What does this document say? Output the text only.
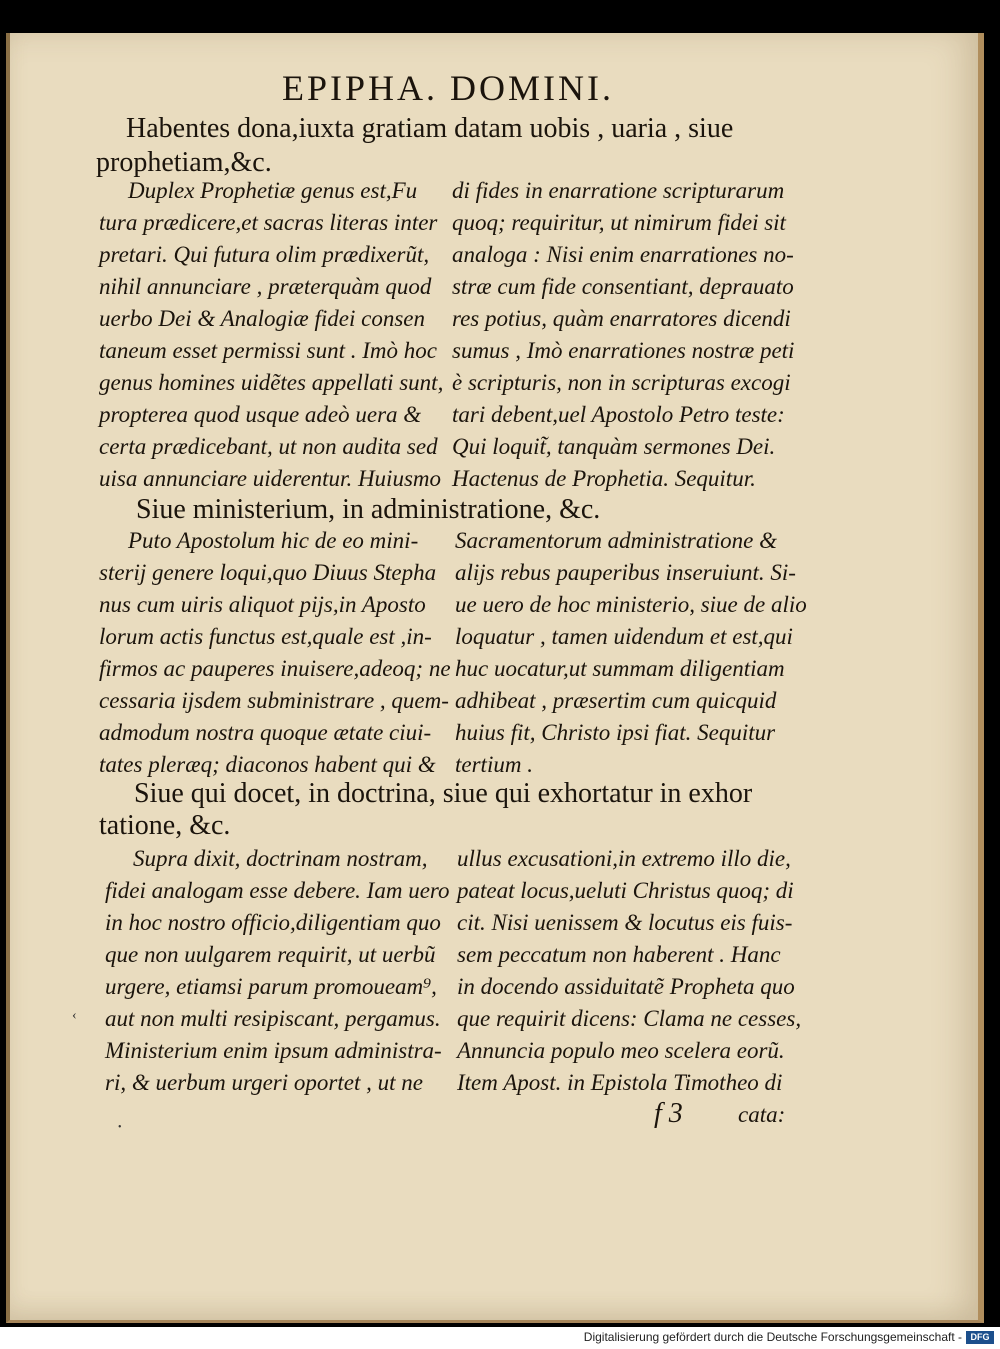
EPIPHA. DOMINI.
Habentes dona,iuxta gratiam datam uobis , uaria , siue
prophetiam,&c.
Duplex Prophetiæ genus est,Fu
tura prædicere,et sacras literas inter
pretari. Qui futura olim prædixerũt,
nihil annunciare , præterquàm quod
uerbo Dei & Analogiæ fidei consen
taneum esset permissi sunt . Imò hoc
genus homines uidẽtes appellati sunt,
propterea quod usque adeò uera &
certa prædicebant, ut non audita sed
uisa annunciare uiderentur. Huiusmo
di fides in enarratione scripturarum
quoq; requiritur, ut nimirum fidei sit
analoga : Nisi enim enarrationes no-
stræ cum fide consentiant, deprauato
res potius, quàm enarratores dicendi
sumus , Imò enarrationes nostræ peti
è scripturis, non in scripturas excogi
tari debent,uel Apostolo Petro teste:
Qui loquit̃, tanquàm sermones Dei.
Hactenus de Prophetia. Sequitur.
Siue ministerium, in administratione, &c.
Puto Apostolum hic de eo mini-
sterij genere loqui,quo Diuus Stepha
nus cum uiris aliquot pijs,in Aposto
lorum actis functus est,quale est ,in-
firmos ac pauperes inuisere,adeoq; ne
cessaria ijsdem subministrare , quem-
admodum nostra quoque ætate ciui-
tates pleræq; diaconos habent qui &
Sacramentorum administratione &
alijs rebus pauperibus inseruiunt. Si-
ue uero de hoc ministerio, siue de alio
loquatur , tamen uidendum et est,qui
huc uocatur,ut summam diligentiam
adhibeat , præsertim cum quicquid
huius fit, Christo ipsi fiat. Sequitur
tertium .
Siue qui docet, in doctrina, siue qui exhortatur in exhor
tatione, &c.
Supra dixit, doctrinam nostram,
fidei analogam esse debere. Iam uero
in hoc nostro officio,diligentiam quo
que non uulgarem requirit, ut uerbũ
urgere, etiamsi parum promoueam⁹,
aut non multi resipiscant, pergamus.
Ministerium enim ipsum administra-
ri, & uerbum urgeri oportet , ut ne
ullus excusationi,in extremo illo die,
pateat locus,ueluti Christus quoq; di
cit. Nisi uenissem & locutus eis fuis-
sem peccatum non haberent . Hanc
in docendo assiduitatẽ Propheta quo
que requirit dicens: Clama ne cesses,
Annuncia populo meo scelera eorũ.
Item Apost. in Epistola Timotheo di
f 3 cata:
‹
•
Digitalisierung gefördert durch die Deutsche Forschungsgemeinschaft - DFG
